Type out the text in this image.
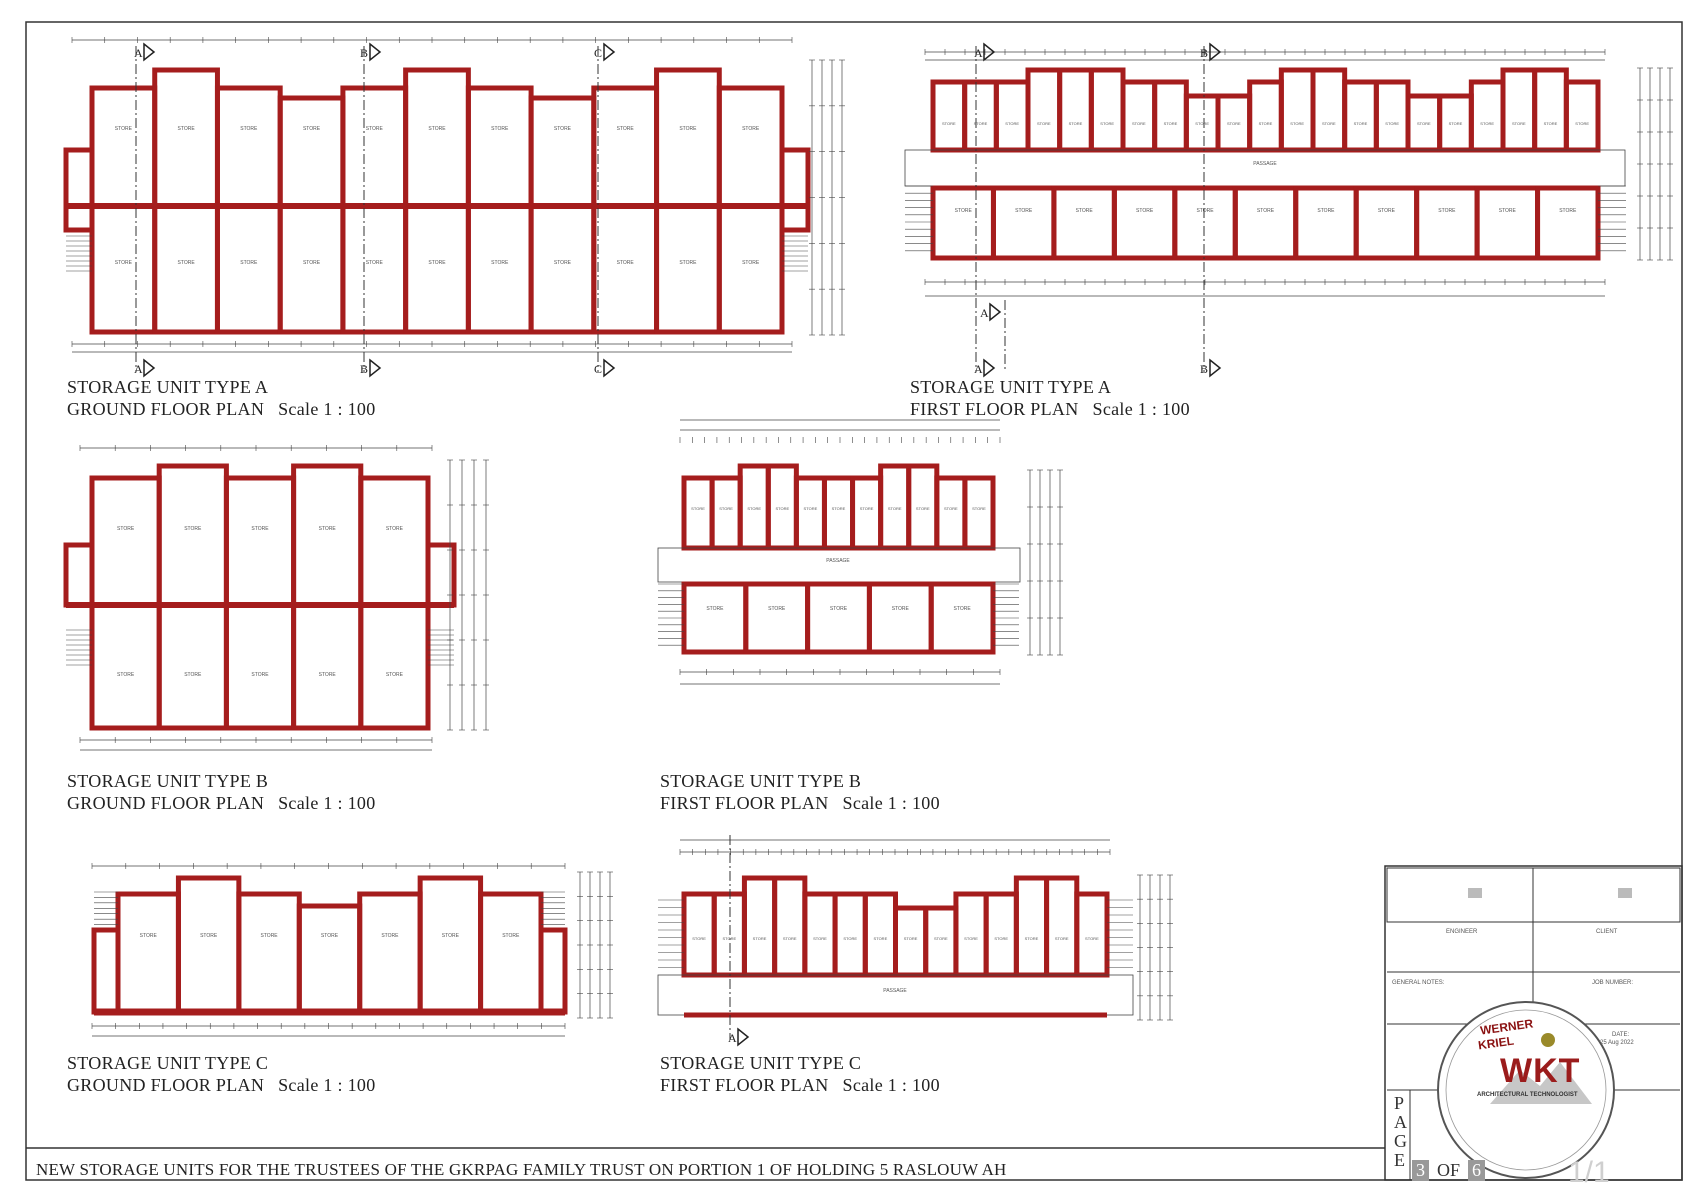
STORE	STORE	STORE	STORE	STORE	STORE	STORE	STORE	STORE	STORE	STORE
STORE	STORE	STORE	STORE	STORE	STORE	STORE	STORE	STORE	STORE	STORE
A	B	C
A	B	C
STORE	STORE	STORE	STORE	STORE	STORE	STORE	STORE	STORE	STORE	STORE	STORE	STORE	STORE	STORE	STORE	STORE	STORE	STORE	STORE	STORE
PASSAGE
STORE	STORE	STORE	STORE	STORE	STORE	STORE	STORE	STORE	STORE	STORE
A	B
A
A	B
STORE	STORE	STORE	STORE	STORE
STORE	STORE	STORE	STORE	STORE
STORE	STORE	STORE	STORE	STORE	STORE	STORE	STORE	STORE	STORE	STORE
PASSAGE
STORE	STORE	STORE	STORE	STORE
STORE	STORE	STORE	STORE	STORE	STORE	STORE	STORE	STORE	STORE	STORE	STORE	STORE	STORE	STORE	STORE	STORE	STORE	STORE	STORE	STORE
PASSAGE
A
STORAGE UNIT TYPE A
GROUND FLOOR PLAN Scale 1 : 100
STORAGE UNIT TYPE A
FIRST FLOOR PLAN Scale 1 : 100
STORAGE UNIT TYPE B
GROUND FLOOR PLAN Scale 1 : 100
STORAGE UNIT TYPE B
FIRST FLOOR PLAN Scale 1 : 100
STORAGE UNIT TYPE C
GROUND FLOOR PLAN Scale 1 : 100
STORAGE UNIT TYPE C
FIRST FLOOR PLAN Scale 1 : 100
NEW STORAGE UNITS FOR THE TRUSTEES OF THE GKRPAG FAMILY TRUST ON PORTION 1 OF HOLDING 5 RASLOUW AH
P
A
G
E 3 OF 6
ENGINEER	CLIENT
GENERAL NOTES:	JOB NUMBER:
DATE:
25 Aug 2022
1/1
WERNER
KRIEL
WKT
ARCHITECTURAL TECHNOLOGIST
